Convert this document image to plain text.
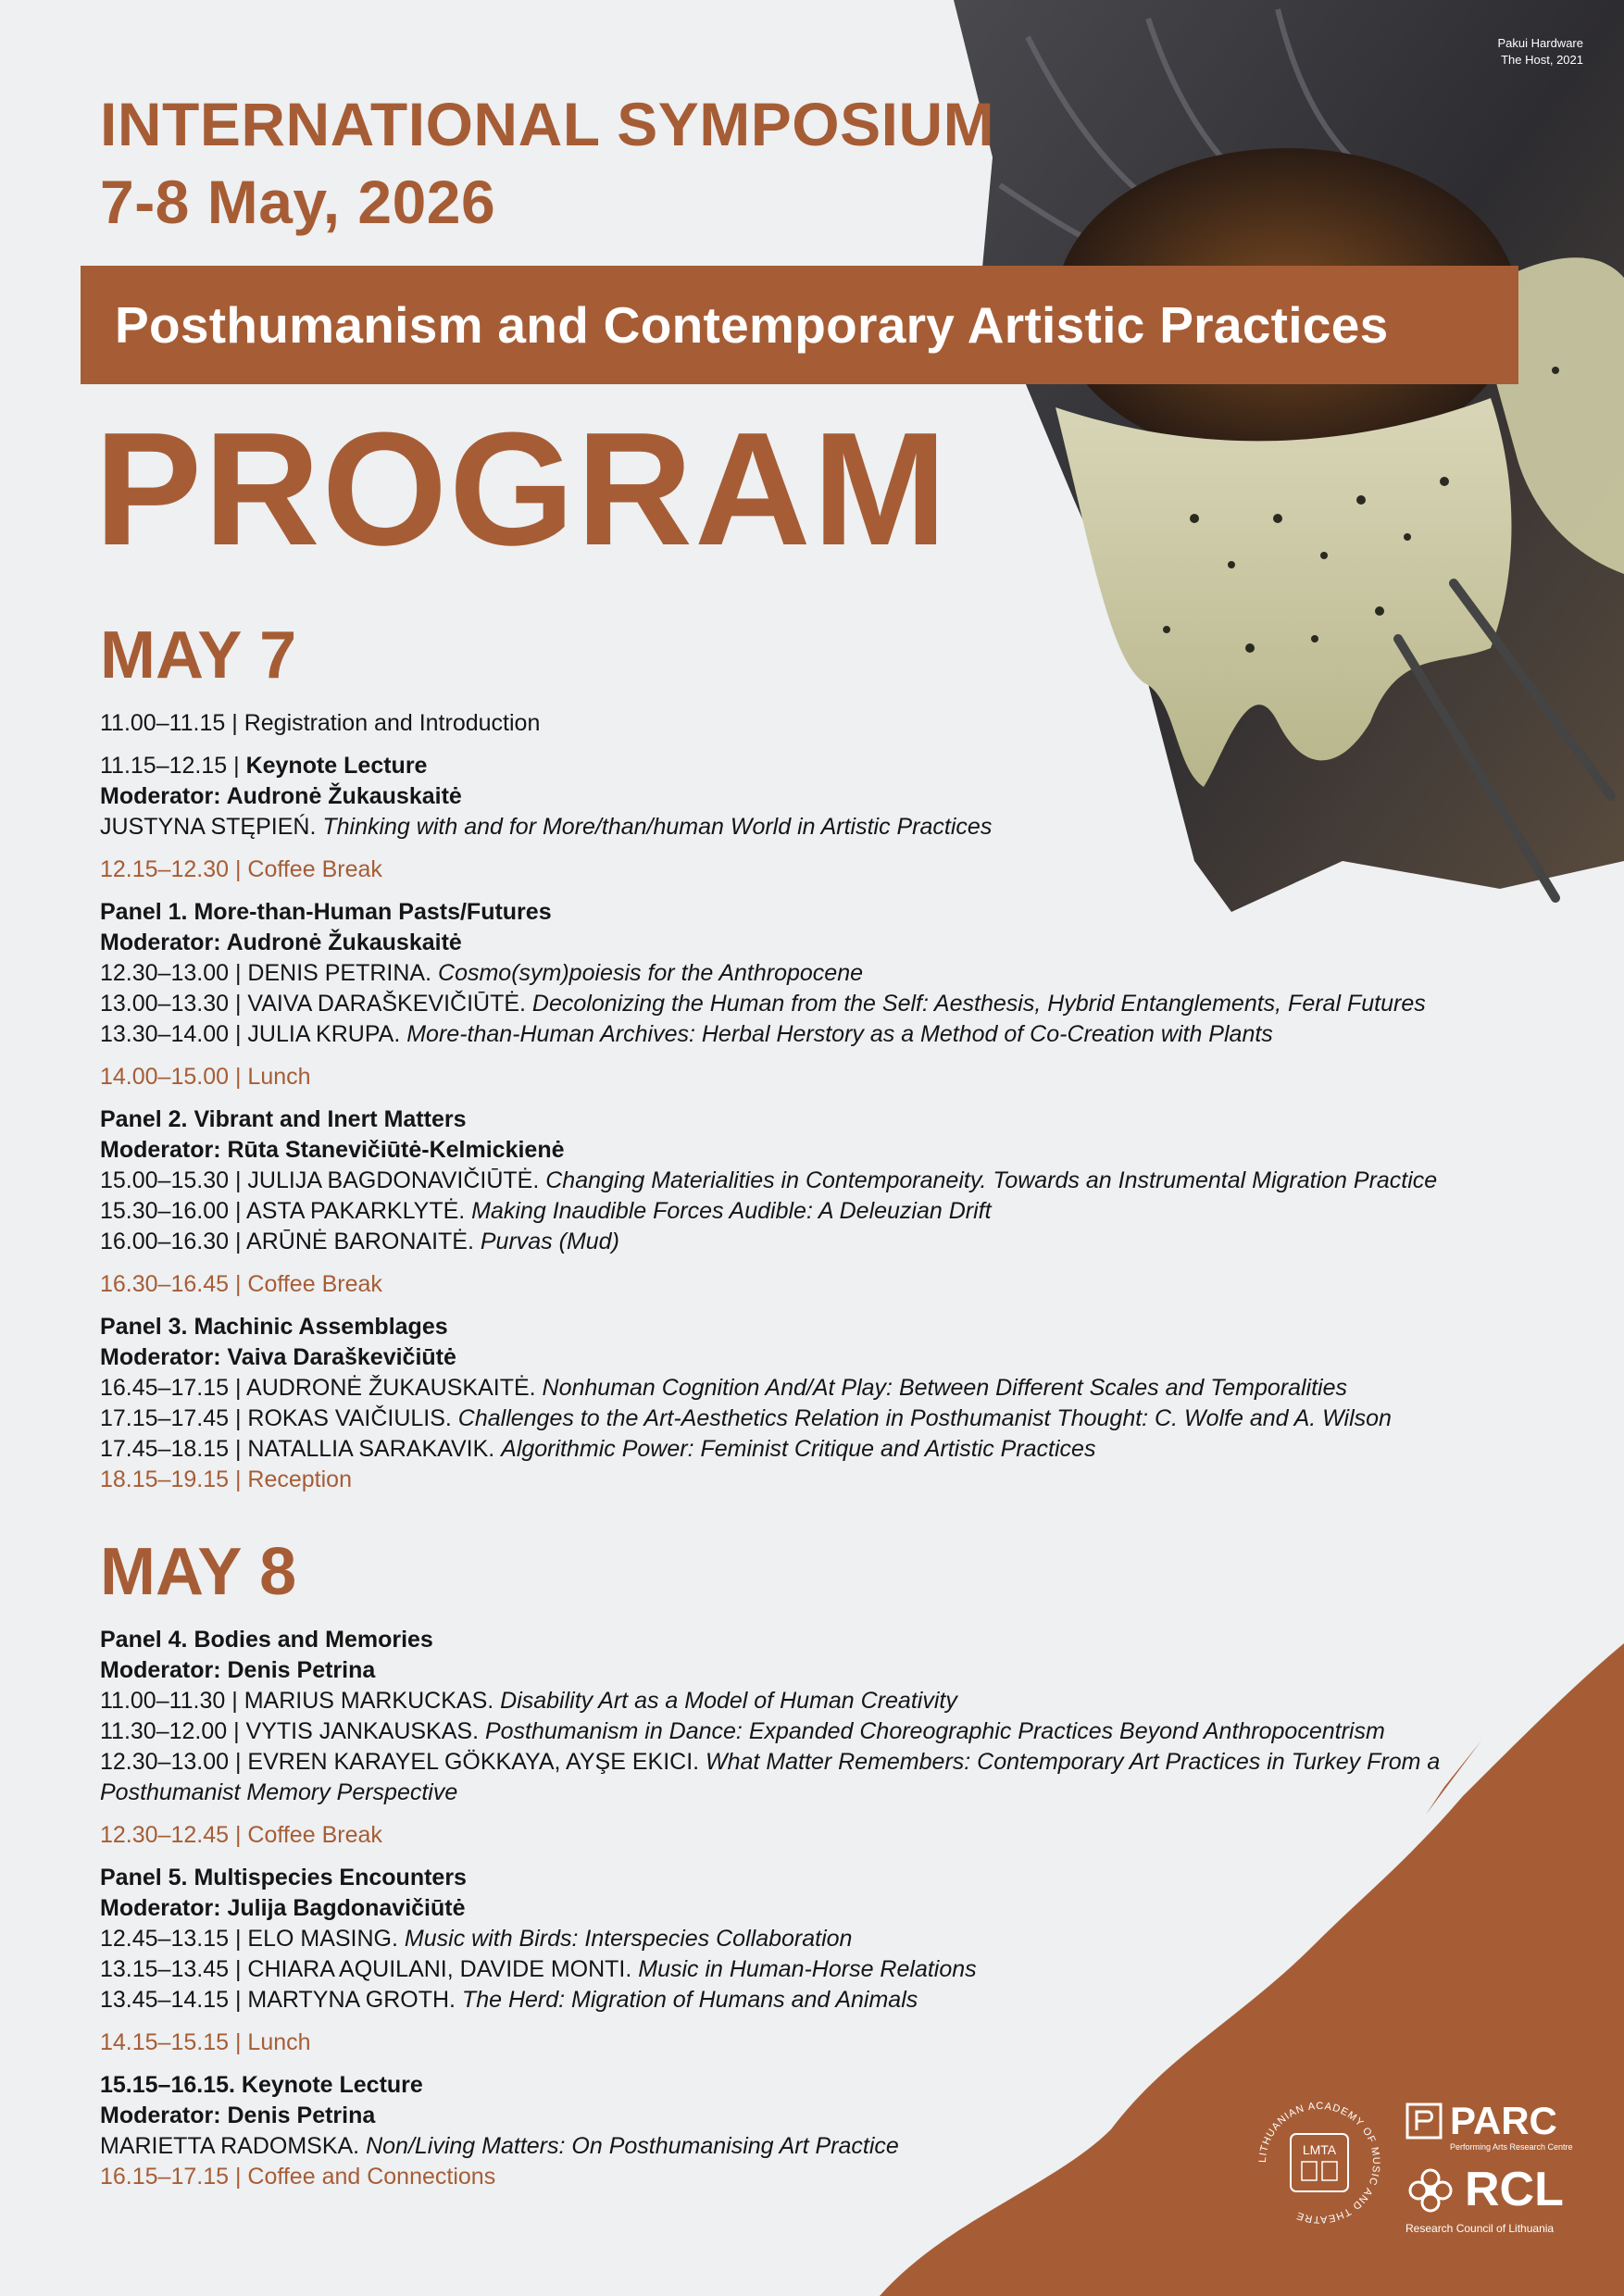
Pakui Hardware
The Host, 2021
INTERNATIONAL SYMPOSIUM
7-8 May, 2026
Posthumanism and Contemporary Artistic Practices
PROGRAM
MAY 7
11.00–11.15 | Registration and Introduction
11.15–12.15 | Keynote Lecture
Moderator: Audronė Žukauskaitė
JUSTYNA STĘPIEŃ. Thinking with and for More/than/human World in Artistic Practices
12.15–12.30 | Coffee Break
Panel 1. More-than-Human Pasts/Futures
Moderator: Audronė Žukauskaitė
12.30–13.00 | DENIS PETRINA. Cosmo(sym)poiesis for the Anthropocene
13.00–13.30 | VAIVA DARAŠKEVIČIŪTĖ. Decolonizing the Human from the Self: Aesthesis, Hybrid Entanglements, Feral Futures
13.30–14.00 | JULIA KRUPA. More-than-Human Archives: Herbal Herstory as a Method of Co-Creation with Plants
14.00–15.00 | Lunch
Panel 2. Vibrant and Inert Matters
Moderator: Rūta Stanevičiūtė-Kelmickienė
15.00–15.30 | JULIJA BAGDONAVIČIŪTĖ. Changing Materialities in Contemporaneity. Towards an Instrumental Migration Practice
15.30–16.00 | ASTA PAKARKLYTĖ. Making Inaudible Forces Audible: A Deleuzian Drift
16.00–16.30 | ARŪNĖ BARONAITĖ. Purvas (Mud)
16.30–16.45 | Coffee Break
Panel 3. Machinic Assemblages
Moderator: Vaiva Daraškevičiūtė
16.45–17.15 | AUDRONĖ ŽUKAUSKAITĖ. Nonhuman Cognition And/At Play: Between Different Scales and Temporalities
17.15–17.45 | ROKAS VAIČIULIS. Challenges to the Art-Aesthetics Relation in Posthumanist Thought: C. Wolfe and A. Wilson
17.45–18.15 | NATALLIA SARAKAVIK. Algorithmic Power: Feminist Critique and Artistic Practices
18.15–19.15 | Reception
MAY 8
Panel 4. Bodies and Memories
Moderator: Denis Petrina
11.00–11.30 | MARIUS MARKUCKAS. Disability Art as a Model of Human Creativity
11.30–12.00 | VYTIS JANKAUSKAS. Posthumanism in Dance: Expanded Choreographic Practices Beyond Anthropocentrism
12.30–13.00 | EVREN KARAYEL GÖKKAYA, AYŞE EKICI. What Matter Remembers: Contemporary Art Practices in Turkey From a Posthumanist Memory Perspective
12.30–12.45 | Coffee Break
Panel 5. Multispecies Encounters
Moderator: Julija Bagdonavičiūtė
12.45–13.15 | ELO MASING. Music with Birds: Interspecies Collaboration
13.15–13.45 | CHIARA AQUILANI, DAVIDE MONTI. Music in Human-Horse Relations
13.45–14.15 | MARTYNA GROTH. The Herd: Migration of Humans and Animals
14.15–15.15 | Lunch
15.15–16.15. Keynote Lecture
Moderator: Denis Petrina
MARIETTA RADOMSKA. Non/Living Matters: On Posthumanising Art Practice
16.15–17.15 | Coffee and Connections
LITHUANIAN ACADEMY OF MUSIC AND THEATRE
LMTA
PARC
Performing Arts Research Centre
RCL
Research Council of Lithuania
